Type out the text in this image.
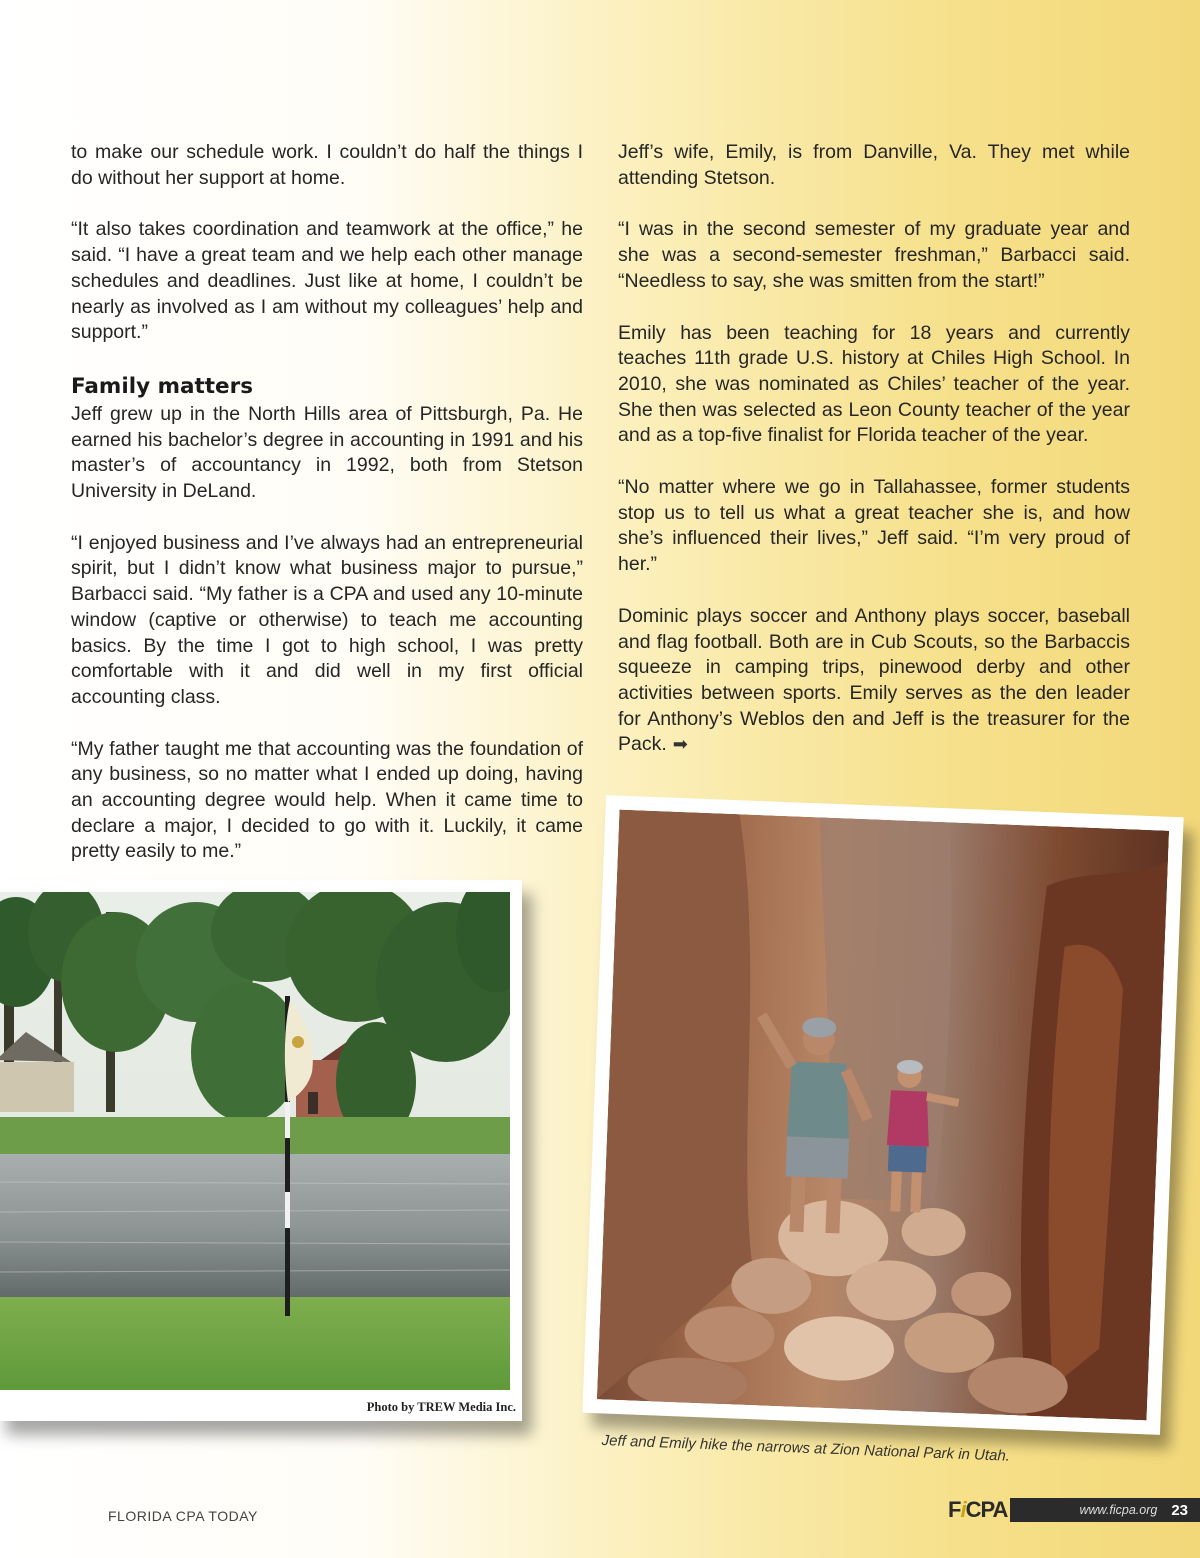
to make our schedule work. I couldn’t do half the things I do without her support at home.

“It also takes coordination and teamwork at the office,” he said. “I have a great team and we help each other manage schedules and deadlines. Just like at home, I couldn’t be nearly as involved as I am without my colleagues’ help and support.”

Family matters

Jeff grew up in the North Hills area of Pittsburgh, Pa. He earned his bachelor’s degree in accounting in 1991 and his master’s of accountancy in 1992, both from Stetson University in DeLand.

“I enjoyed business and I’ve always had an entrepreneurial spirit, but I didn’t know what business major to pursue,” Barbacci said. “My father is a CPA and used any 10-minute window (captive or otherwise) to teach me accounting basics. By the time I got to high school, I was pretty comfortable with it and did well in my first official accounting class.

“My father taught me that accounting was the foundation of any business, so no matter what I ended up doing, having an accounting degree would help. When it came time to declare a major, I decided to go with it. Luckily, it came pretty easily to me.”

Jeff’s wife, Emily, is from Danville, Va. They met while attending Stetson.

“I was in the second semester of my graduate year and she was a second-semester freshman,” Barbacci said. “Needless to say, she was smitten from the start!”

Emily has been teaching for 18 years and currently teaches 11th grade U.S. history at Chiles High School. In 2010, she was nominated as Chiles’ teacher of the year. She then was selected as Leon County teacher of the year and as a top-five finalist for Florida teacher of the year.

“No matter where we go in Tallahassee, former students stop us to tell us what a great teacher she is, and how she’s influenced their lives,” Jeff said. “I’m very proud of her.”

Dominic plays soccer and Anthony plays soccer, baseball and flag football. Both are in Cub Scouts, so the Barbaccis squeeze in camping trips, pinewood derby and other activities between sports. Emily serves as the den leader for Anthony’s Weblos den and Jeff is the treasurer for the Pack. ➡

Photo by TREW Media Inc.
Jeff and Emily hike the narrows at Zion National Park in Utah.
FLORIDA CPA TODAY	F i CPA	www.ficpa.org 23
